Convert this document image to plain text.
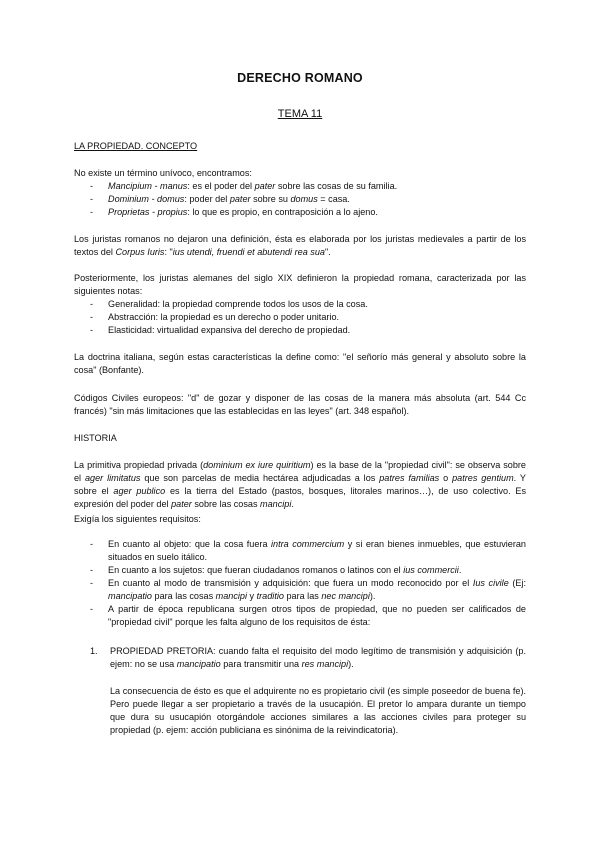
DERECHO ROMANO
TEMA 11
LA PROPIEDAD. CONCEPTO
No existe un término unívoco, encontramos:
- Mancipium - manus: es el poder del pater sobre las cosas de su familia.
- Dominium - domus: poder del pater sobre su domus = casa.
- Proprietas - propius: lo que es propio, en contraposición a lo ajeno.
Los juristas romanos no dejaron una definición, ésta es elaborada por los juristas medievales a partir de los textos del Corpus Iuris: "ius utendi, fruendi et abutendi rea sua".
Posteriormente, los juristas alemanes del siglo XIX definieron la propiedad romana, caracterizada por las siguientes notas:
- Generalidad: la propiedad comprende todos los usos de la cosa.
- Abstracción: la propiedad es un derecho o poder unitario.
- Elasticidad: virtualidad expansiva del derecho de propiedad.
La doctrina italiana, según estas características la define como: "el señorío más general y absoluto sobre la cosa" (Bonfante).
Códigos Civiles europeos: "d" de gozar y disponer de las cosas de la manera más absoluta (art. 544 Cc francés) "sin más limitaciones que las establecidas en las leyes" (art. 348 español).
HISTORIA
La primitiva propiedad privada (dominium ex iure quiritium) es la base de la "propiedad civil": se observa sobre el ager limitatus que son parcelas de media hectárea adjudicadas a los patres familias o patres gentium. Y sobre el ager publico es la tierra del Estado (pastos, bosques, litorales marinos…), de uso colectivo. Es expresión del poder del pater sobre las cosas mancipi.
Exigía los siguientes requisitos:
- En cuanto al objeto: que la cosa fuera intra commercium y si eran bienes inmuebles, que estuvieran situados en suelo itálico.
- En cuanto a los sujetos: que fueran ciudadanos romanos o latinos con el ius commercii.
- En cuanto al modo de transmisión y adquisición: que fuera un modo reconocido por el Ius civile (Ej: mancipatio para las cosas mancipi y traditio para las nec mancipi).
- A partir de época republicana surgen otros tipos de propiedad, que no pueden ser calificados de "propiedad civil" porque les falta alguno de los requisitos de ésta:
1. PROPIEDAD PRETORIA: cuando falta el requisito del modo legítimo de transmisión y adquisición (p. ejem: no se usa mancipatio para transmitir una res mancipi).
La consecuencia de ésto es que el adquirente no es propietario civil (es simple poseedor de buena fe). Pero puede llegar a ser propietario a través de la usucapión. El pretor lo ampara durante un tiempo que dura su usucapión otorgándole acciones similares a las acciones civiles para proteger su propiedad (p. ejem: acción publiciana es sinónima de la reivindicatoria).
